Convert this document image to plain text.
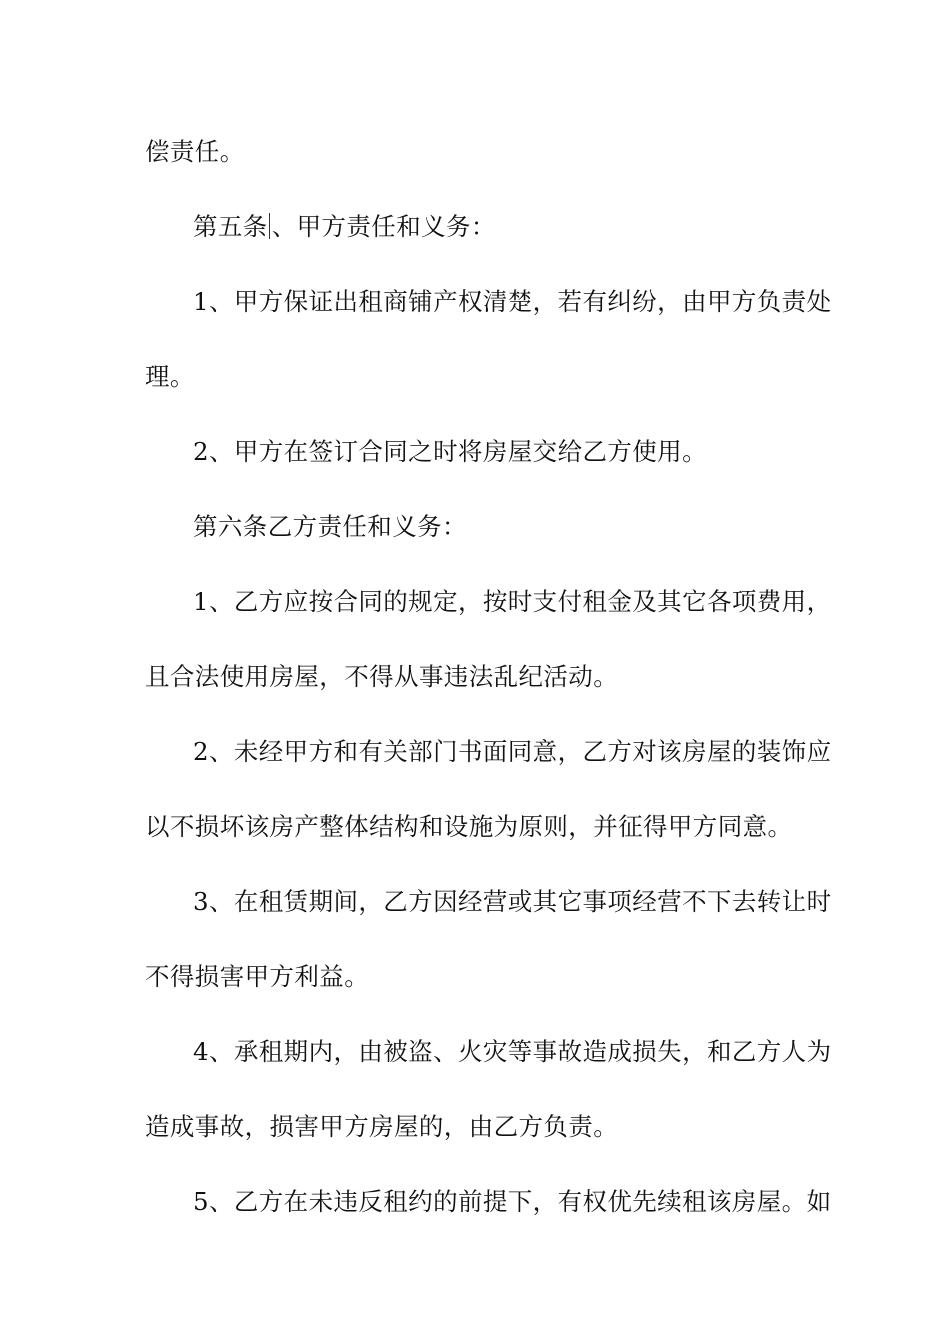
偿责任。
第五条 、甲方责任和义务：
1、甲方保证出租商铺产权清楚，若有纠纷，由甲方负责处
理。
2、甲方在签订合同之时将房屋交给乙方使用。
第六条乙方责任和义务：
1、乙方应按合同的规定，按时支付租金及其它各项费用，
且合法使用房屋，不得从事违法乱纪活动。
2、未经甲方和有关部门书面同意，乙方对该房屋的装饰应
以不损坏该房产整体结构和设施为原则，并征得甲方同意。
3、在租赁期间，乙方因经营或其它事项经营不下去转让时
不得损害甲方利益。
4、承租期内，由被盗、火灾等事故造成损失，和乙方人为
造成事故，损害甲方房屋的，由乙方负责。
5、乙方在未违反租约的前提下，有权优先续租该房屋。如
